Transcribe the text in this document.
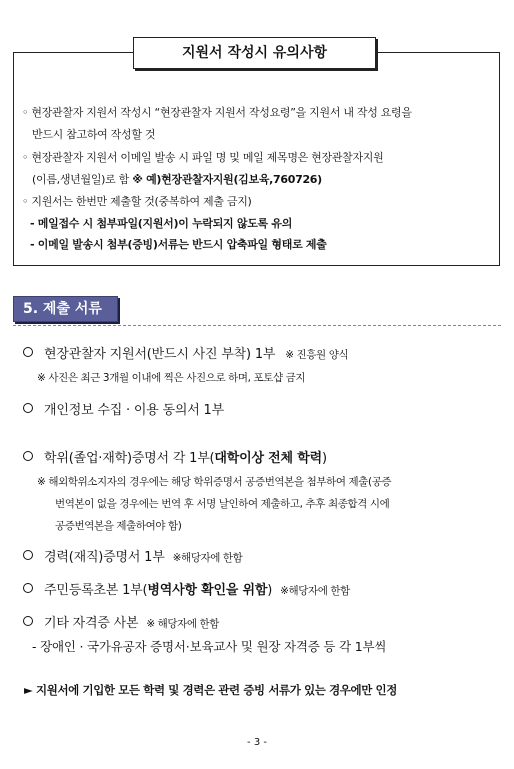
지원서 작성시 유의사항
◦ 현장관찰자 지원서 작성시 “현장관찰자 지원서 작성요령”을 지원서 내 작성 요령을
반드시 참고하여 작성할 것
◦ 현장관찰자 지원서 이메일 발송 시 파일 명 및 메일 제목명은 현장관찰자지원
(이름,생년월일)로 함 ※ 예)현장관찰자지원(김보육,760726)
◦ 지원서는 한번만 제출할 것(중복하여 제출 금지)
- 메일접수 시 첨부파일(지원서)이 누락되지 않도록 유의
- 이메일 발송시 첨부(증빙)서류는 반드시 압축파일 형태로 제출
5. 제출 서류
현장관찰자 지원서(반드시 사진 부착) 1부 ※ 진흥원 양식
※ 사진은 최근 3개월 이내에 찍은 사진으로 하며, 포토샵 금지
개인정보 수집 · 이용 동의서 1부
학위(졸업·재학)증명서 각 1부(대학이상 전체 학력)
※ 해외학위소지자의 경우에는 해당 학위증명서 공증번역본을 첨부하여 제출(공증
번역본이 없을 경우에는 번역 후 서명 날인하여 제출하고, 추후 최종합격 시에
공증번역본을 제출하여야 함)
경력(재직)증명서 1부 ※해당자에 한함
주민등록초본 1부(병역사항 확인을 위함) ※해당자에 한함
기타 자격증 사본 ※ 해당자에 한함
- 장애인 · 국가유공자 증명서·보육교사 및 원장 자격증 등 각 1부씩
► 지원서에 기입한 모든 학력 및 경력은 관련 증빙 서류가 있는 경우에만 인정
- 3 -
